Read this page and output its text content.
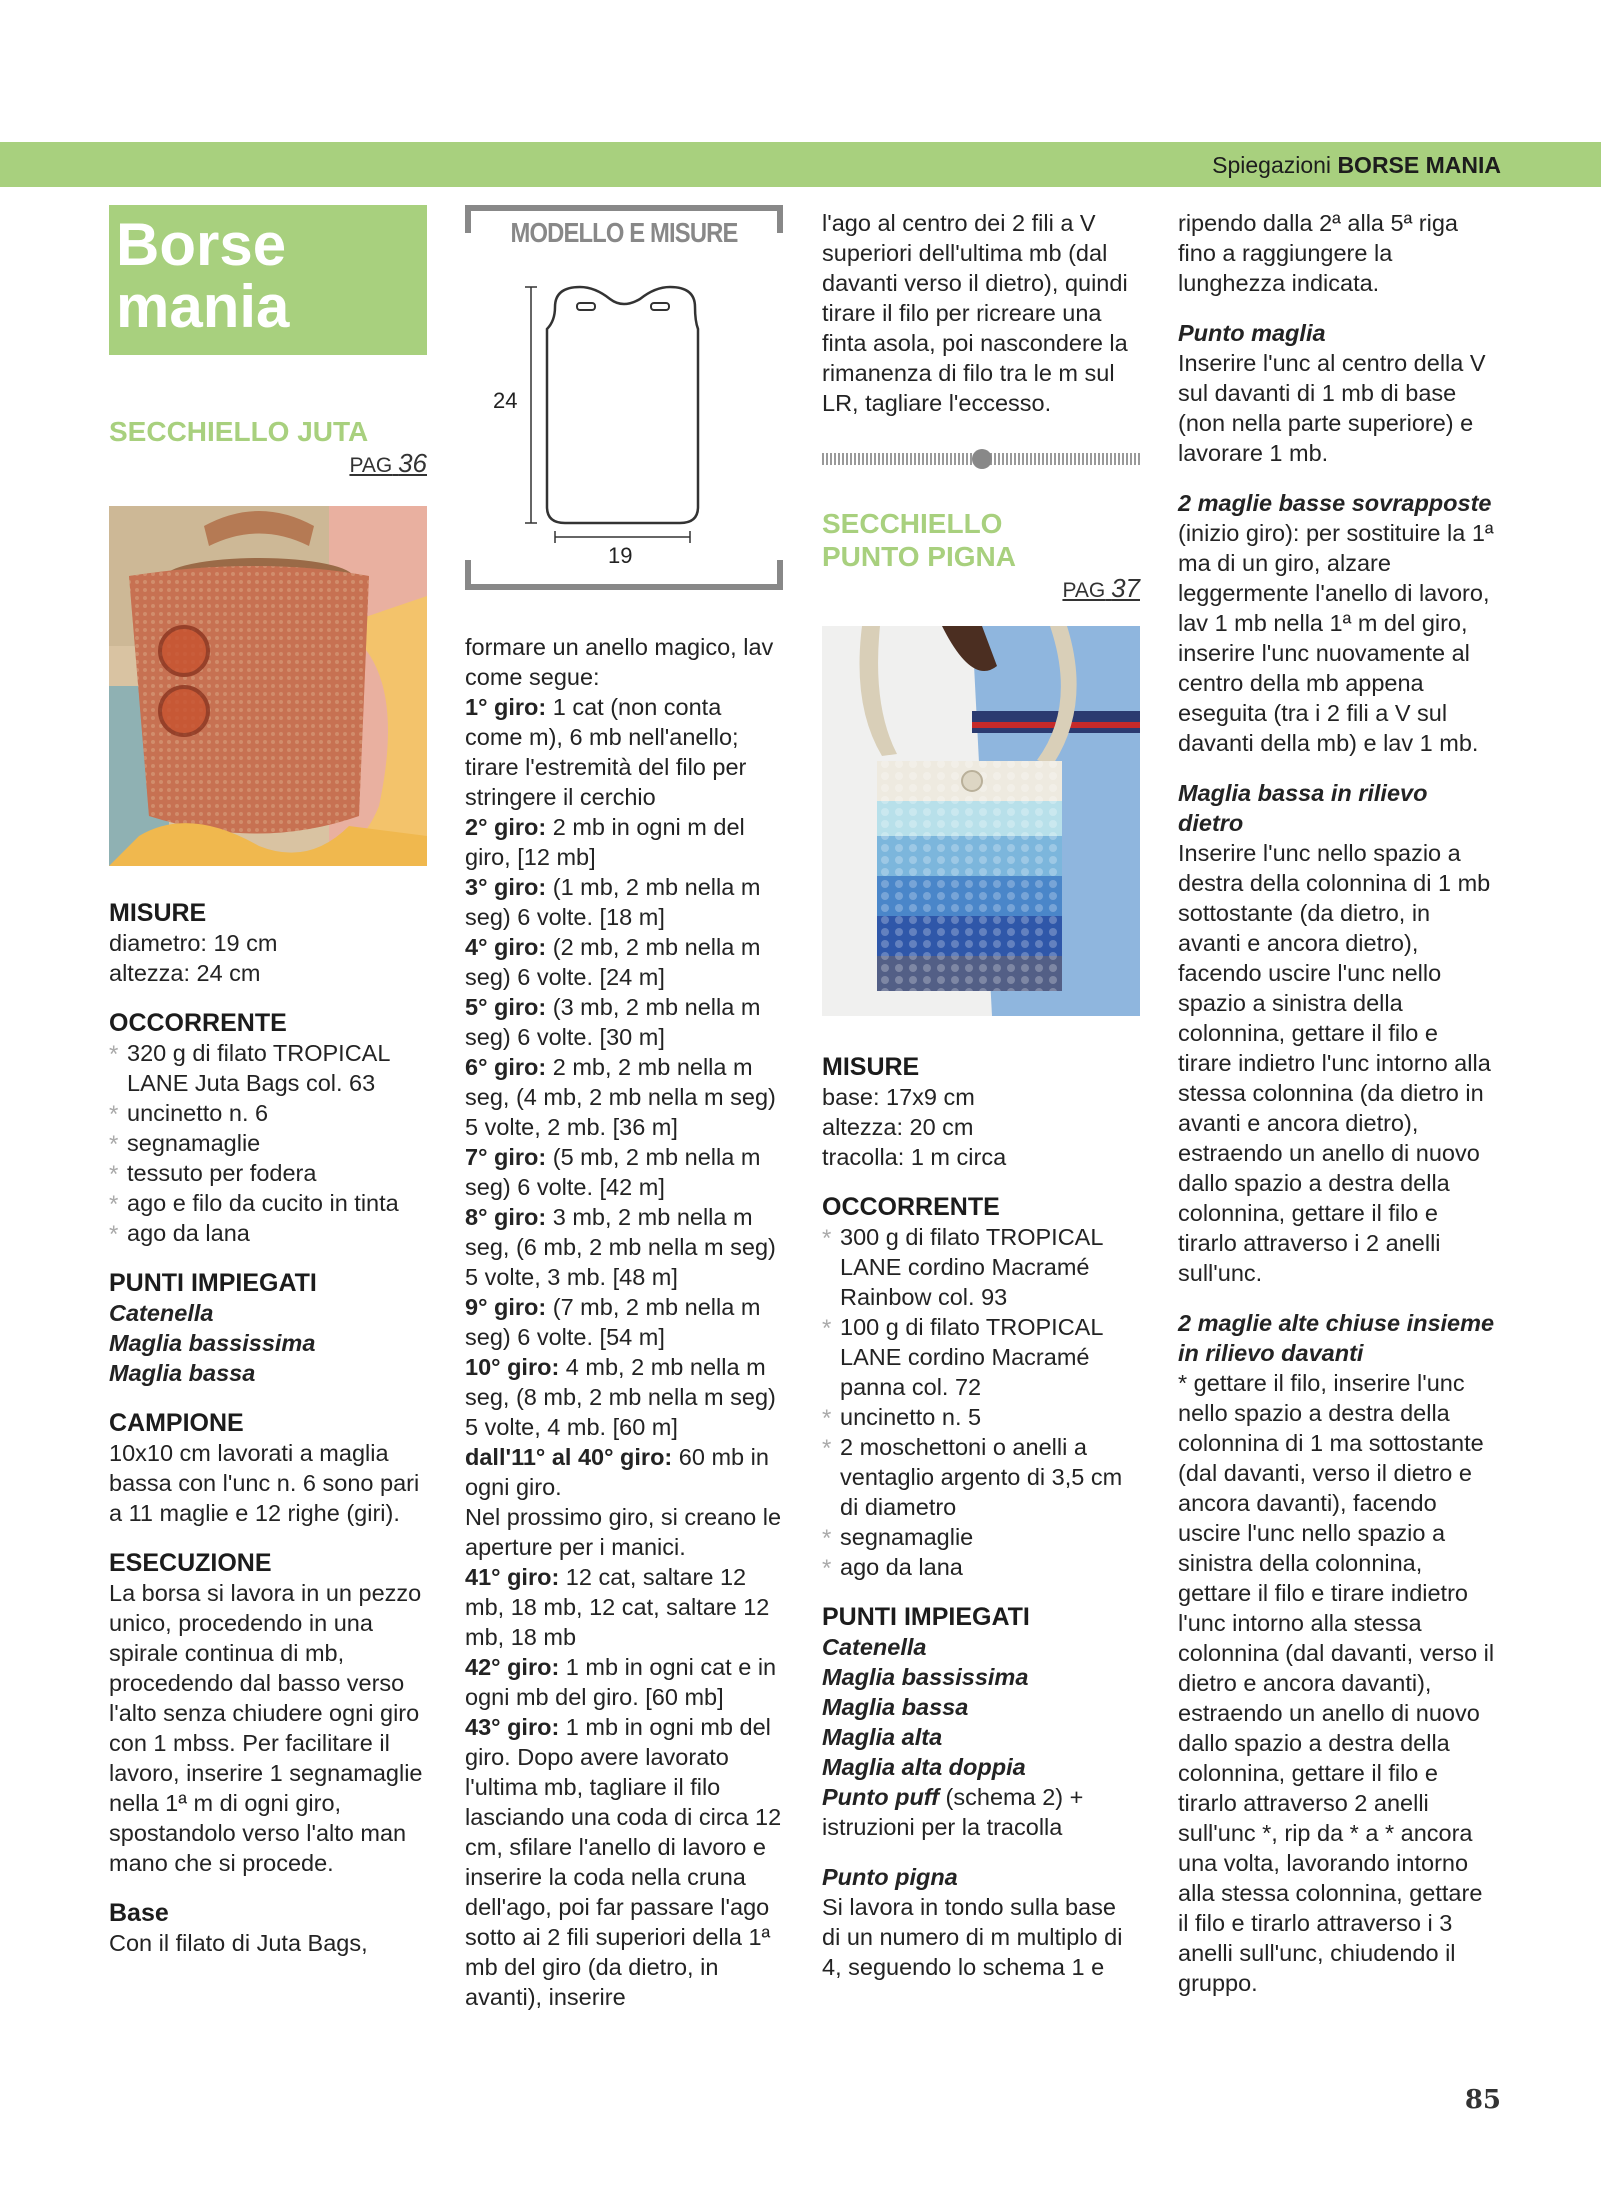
Spiegazioni BORSE MANIA
Borse
mania

SECCHIELLO JUTA

PAG 36

MISURE

diametro: 19 cm

altezza: 24 cm

OCCORRENTE

* 320 g di filato TROPICAL LANE Juta Bags col. 63

* uncinetto n. 6

* segnamaglie

* tessuto per fodera

* ago e filo da cucito in tinta

* ago da lana

PUNTI IMPIEGATI

Catenella

Maglia bassissima

Maglia bassa

CAMPIONE

10x10 cm lavorati a maglia bassa con l'unc n. 6 sono pari a 11 maglie e 12 righe (giri).

ESECUZIONE

La borsa si lavora in un pezzo unico, procedendo in una spirale continua di mb, procedendo dal basso verso l'alto senza chiudere ogni giro con 1 mbss. Per facilitare il lavoro, inserire 1 segnamaglie nella 1ª m di ogni giro, spostandolo verso l'alto man mano che si procede.

Base

Con il filato di Juta Bags,

MODELLO E MISURE
24
19

formare un anello magico, lav come segue:

1° giro: 1 cat (non conta come m), 6 mb nell'anello; tirare l'estremità del filo per stringere il cerchio

2° giro: 2 mb in ogni m del giro, [12 mb]

3° giro: (1 mb, 2 mb nella m seg) 6 volte. [18 m]

4° giro: (2 mb, 2 mb nella m seg) 6 volte. [24 m]

5° giro: (3 mb, 2 mb nella m seg) 6 volte. [30 m]

6° giro: 2 mb, 2 mb nella m seg, (4 mb, 2 mb nella m seg) 5 volte, 2 mb. [36 m]

7° giro: (5 mb, 2 mb nella m seg) 6 volte. [42 m]

8° giro: 3 mb, 2 mb nella m seg, (6 mb, 2 mb nella m seg) 5 volte, 3 mb. [48 m]

9° giro: (7 mb, 2 mb nella m seg) 6 volte. [54 m]

10° giro: 4 mb, 2 mb nella m seg, (8 mb, 2 mb nella m seg) 5 volte, 4 mb. [60 m]

dall'11° al 40° giro: 60 mb in ogni giro.

Nel prossimo giro, si creano le aperture per i manici.

41° giro: 12 cat, saltare 12 mb, 18 mb, 12 cat, saltare 12 mb, 18 mb

42° giro: 1 mb in ogni cat e in ogni mb del giro. [60 mb]

43° giro: 1 mb in ogni mb del giro. Dopo avere lavorato l'ultima mb, tagliare il filo lasciando una coda di circa 12 cm, sfilare l'anello di lavoro e inserire la coda nella cruna dell'ago, poi far passare l'ago sotto ai 2 fili superiori della 1ª mb del giro (da dietro, in avanti), inserire

l'ago al centro dei 2 fili a V superiori dell'ultima mb (dal davanti verso il dietro), quindi tirare il filo per ricreare una finta asola, poi nascondere la rimanenza di filo tra le m sul LR, tagliare l'eccesso.

SECCHIELLO

PUNTO PIGNA

PAG 37

MISURE

base: 17x9 cm

altezza: 20 cm

tracolla: 1 m circa

OCCORRENTE

* 300 g di filato TROPICAL LANE cordino Macramé Rainbow col. 93

* 100 g di filato TROPICAL LANE cordino Macramé panna col. 72

* uncinetto n. 5

* 2 moschettoni o anelli a ventaglio argento di 3,5 cm di diametro

* segnamaglie

* ago da lana

PUNTI IMPIEGATI

Catenella

Maglia bassissima

Maglia bassa

Maglia alta

Maglia alta doppia

Punto puff (schema 2) + istruzioni per la tracolla

Punto pigna

Si lavora in tondo sulla base di un numero di m multiplo di 4, seguendo lo schema 1 e

ripendo dalla 2ª alla 5ª riga fino a raggiungere la lunghezza indicata.

Punto maglia

Inserire l'unc al centro della V sul davanti di 1 mb di base (non nella parte superiore) e lavorare 1 mb.

2 maglie basse sovrapposte (inizio giro): per sostituire la 1ª ma di un giro, alzare leggermente l'anello di lavoro, lav 1 mb nella 1ª m del giro, inserire l'unc nuovamente al centro della mb appena eseguita (tra i 2 fili a V sul davanti della mb) e lav 1 mb.

Maglia bassa in rilievo dietro

Inserire l'unc nello spazio a destra della colonnina di 1 mb sottostante (da dietro, in avanti e ancora dietro), facendo uscire l'unc nello spazio a sinistra della colonnina, gettare il filo e tirare indietro l'unc intorno alla stessa colonnina (da dietro in avanti e ancora dietro), estraendo un anello di nuovo dallo spazio a destra della colonnina, gettare il filo e tirarlo attraverso i 2 anelli sull'unc.

2 maglie alte chiuse insieme in rilievo davanti

* gettare il filo, inserire l'unc nello spazio a destra della colonnina di 1 ma sottostante (dal davanti, verso il dietro e ancora davanti), facendo uscire l'unc nello spazio a sinistra della colonnina, gettare il filo e tirare indietro l'unc intorno alla stessa colonnina (dal davanti, verso il dietro e ancora davanti), estraendo un anello di nuovo dallo spazio a destra della colonnina, gettare il filo e tirarlo attraverso 2 anelli sull'unc *, rip da * a * ancora una volta, lavorando intorno alla stessa colonnina, gettare il filo e tirarlo attraverso i 3 anelli sull'unc, chiudendo il gruppo.

85
